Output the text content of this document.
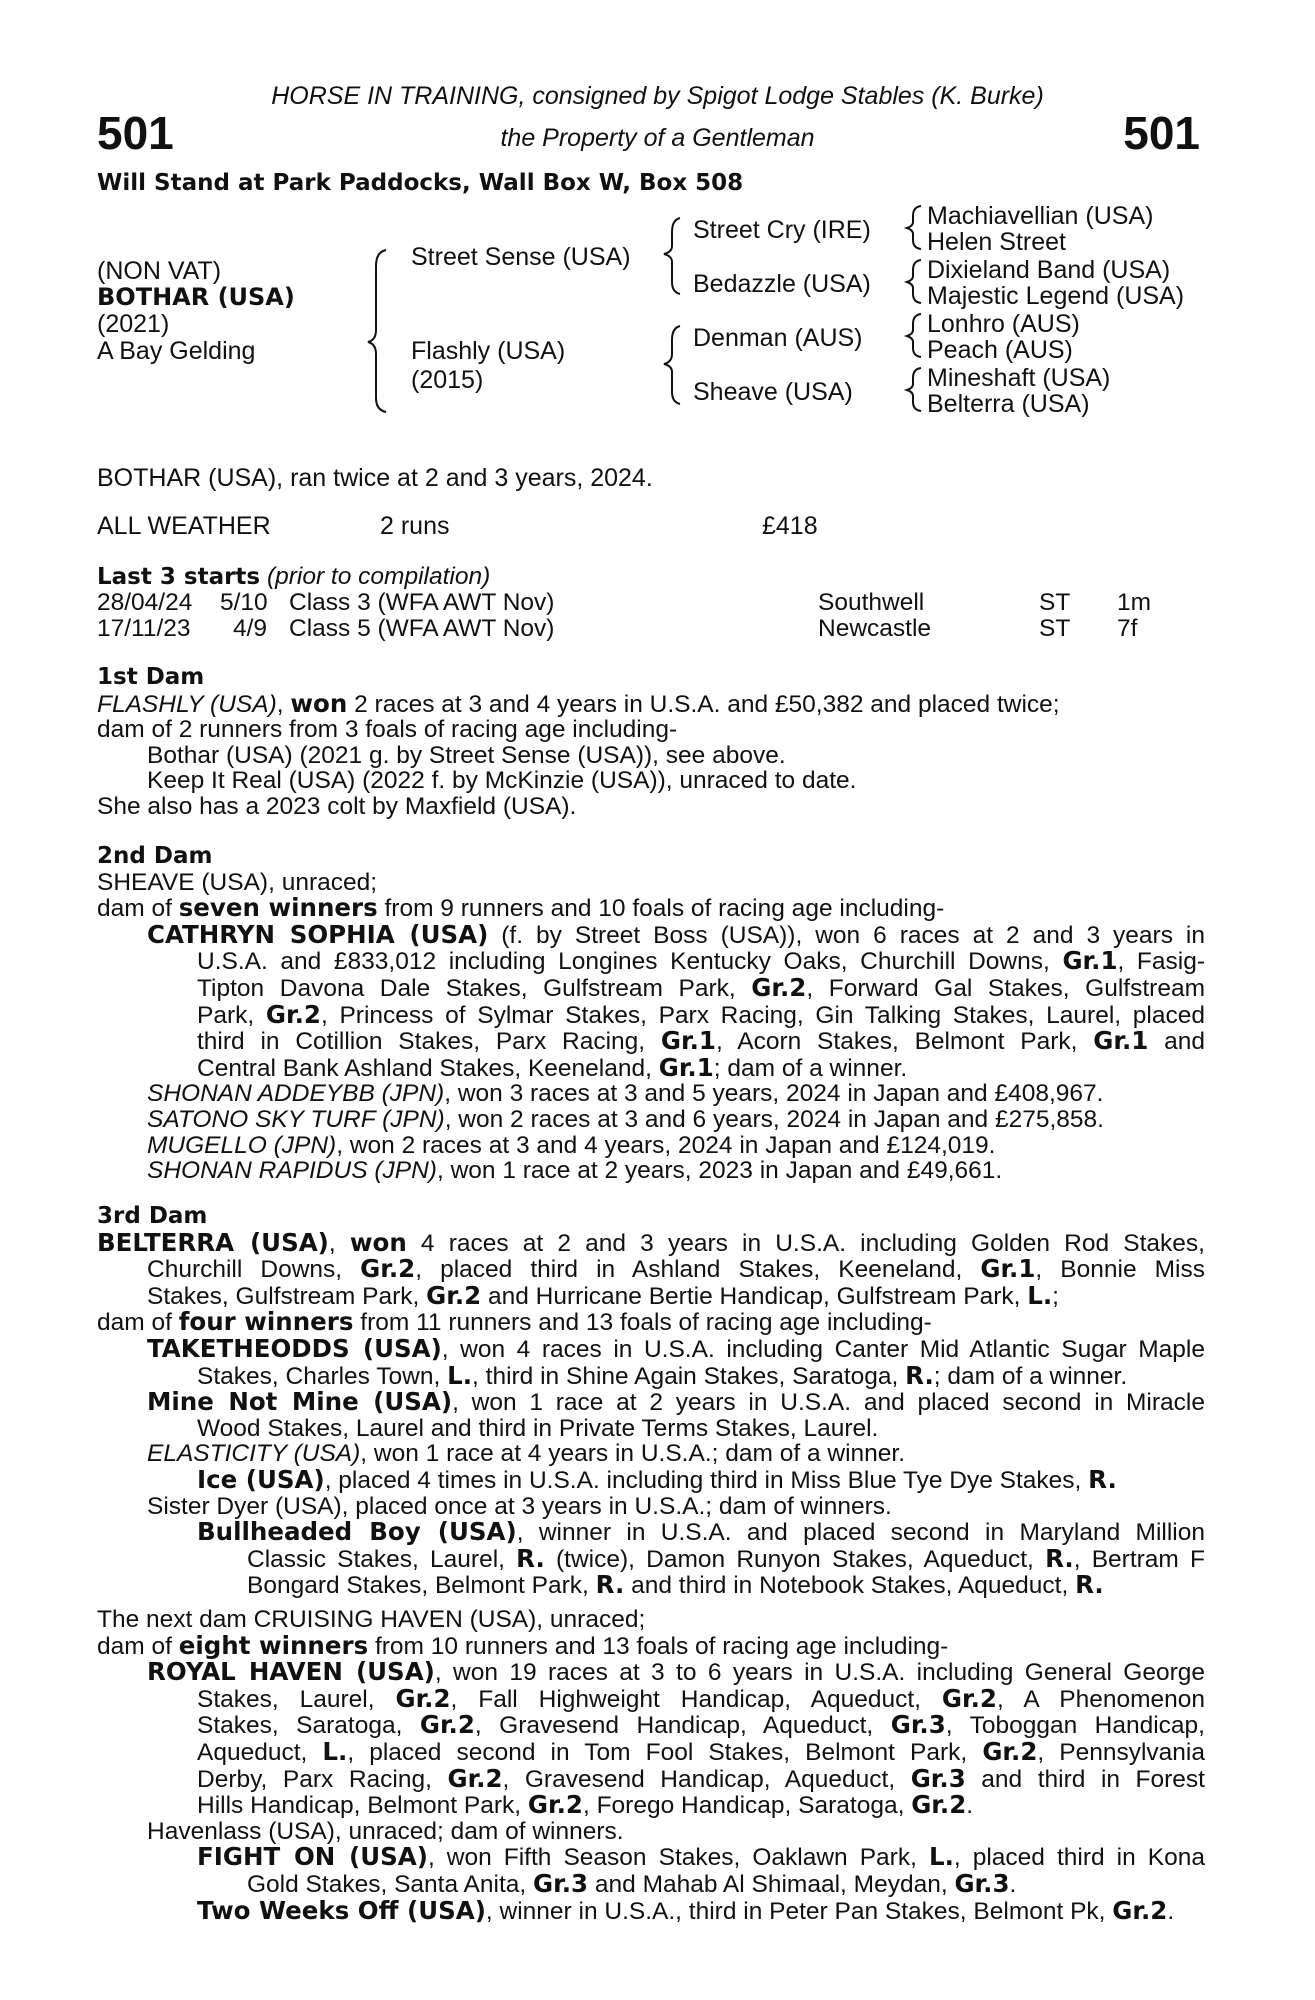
HORSE IN TRAINING, consigned by Spigot Lodge Stables (K. Burke)
the Property of a Gentleman
501	501
Will Stand at Park Paddocks, Wall Box W, Box 508
(NON VAT)
BOTHAR (USA)
(2021)
A Bay Gelding
Street Sense (USA)
Flashly (USA)
(2015)
Street Cry (IRE)
Bedazzle (USA)
Denman (AUS)
Sheave (USA)
Machiavellian (USA)
Helen Street
Dixieland Band (USA)
Majestic Legend (USA)
Lonhro (AUS)
Peach (AUS)
Mineshaft (USA)
Belterra (USA)
BOTHAR (USA), ran twice at 2 and 3 years, 2024.
ALL WEATHER	2 runs	£418
Last 3 starts (prior to compilation)
28/04/24 5/10 Class 3 (WFA AWT Nov)	Southwell	ST 1m
17/11/23 4/9 Class 5 (WFA AWT Nov)	Newcastle	ST 7f
1st Dam
FLASHLY (USA), won 2 races at 3 and 4 years in U.S.A. and £50,382 and placed twice;
dam of 2 runners from 3 foals of racing age including-
Bothar (USA) (2021 g. by Street Sense (USA)), see above.
Keep It Real (USA) (2022 f. by McKinzie (USA)), unraced to date.
She also has a 2023 colt by Maxfield (USA).
2nd Dam
SHEAVE (USA), unraced;
dam of seven winners from 9 runners and 10 foals of racing age including-
CATHRYN SOPHIA (USA) (f. by Street Boss (USA)), won 6 races at 2 and 3 years in
U.S.A. and £833,012 including Longines Kentucky Oaks, Churchill Downs, Gr.1, Fasig-
Tipton Davona Dale Stakes, Gulfstream Park, Gr.2, Forward Gal Stakes, Gulfstream
Park, Gr.2, Princess of Sylmar Stakes, Parx Racing, Gin Talking Stakes, Laurel, placed
third in Cotillion Stakes, Parx Racing, Gr.1, Acorn Stakes, Belmont Park, Gr.1 and
Central Bank Ashland Stakes, Keeneland, Gr.1; dam of a winner.
SHONAN ADDEYBB (JPN), won 3 races at 3 and 5 years, 2024 in Japan and £408,967.
SATONO SKY TURF (JPN), won 2 races at 3 and 6 years, 2024 in Japan and £275,858.
MUGELLO (JPN), won 2 races at 3 and 4 years, 2024 in Japan and £124,019.
SHONAN RAPIDUS (JPN), won 1 race at 2 years, 2023 in Japan and £49,661.
3rd Dam
BELTERRA (USA), won 4 races at 2 and 3 years in U.S.A. including Golden Rod Stakes,
Churchill Downs, Gr.2, placed third in Ashland Stakes, Keeneland, Gr.1, Bonnie Miss
Stakes, Gulfstream Park, Gr.2 and Hurricane Bertie Handicap, Gulfstream Park, L.;
dam of four winners from 11 runners and 13 foals of racing age including-
TAKETHEODDS (USA), won 4 races in U.S.A. including Canter Mid Atlantic Sugar Maple
Stakes, Charles Town, L., third in Shine Again Stakes, Saratoga, R.; dam of a winner.
Mine Not Mine (USA), won 1 race at 2 years in U.S.A. and placed second in Miracle
Wood Stakes, Laurel and third in Private Terms Stakes, Laurel.
ELASTICITY (USA), won 1 race at 4 years in U.S.A.; dam of a winner.
Ice (USA), placed 4 times in U.S.A. including third in Miss Blue Tye Dye Stakes, R.
Sister Dyer (USA), placed once at 3 years in U.S.A.; dam of winners.
Bullheaded Boy (USA), winner in U.S.A. and placed second in Maryland Million
Classic Stakes, Laurel, R. (twice), Damon Runyon Stakes, Aqueduct, R., Bertram F
Bongard Stakes, Belmont Park, R. and third in Notebook Stakes, Aqueduct, R.
The next dam CRUISING HAVEN (USA), unraced;
dam of eight winners from 10 runners and 13 foals of racing age including-
ROYAL HAVEN (USA), won 19 races at 3 to 6 years in U.S.A. including General George
Stakes, Laurel, Gr.2, Fall Highweight Handicap, Aqueduct, Gr.2, A Phenomenon
Stakes, Saratoga, Gr.2, Gravesend Handicap, Aqueduct, Gr.3, Toboggan Handicap,
Aqueduct, L., placed second in Tom Fool Stakes, Belmont Park, Gr.2, Pennsylvania
Derby, Parx Racing, Gr.2, Gravesend Handicap, Aqueduct, Gr.3 and third in Forest
Hills Handicap, Belmont Park, Gr.2, Forego Handicap, Saratoga, Gr.2.
Havenlass (USA), unraced; dam of winners.
FIGHT ON (USA), won Fifth Season Stakes, Oaklawn Park, L., placed third in Kona
Gold Stakes, Santa Anita, Gr.3 and Mahab Al Shimaal, Meydan, Gr.3.
Two Weeks Off (USA), winner in U.S.A., third in Peter Pan Stakes, Belmont Pk, Gr.2.
